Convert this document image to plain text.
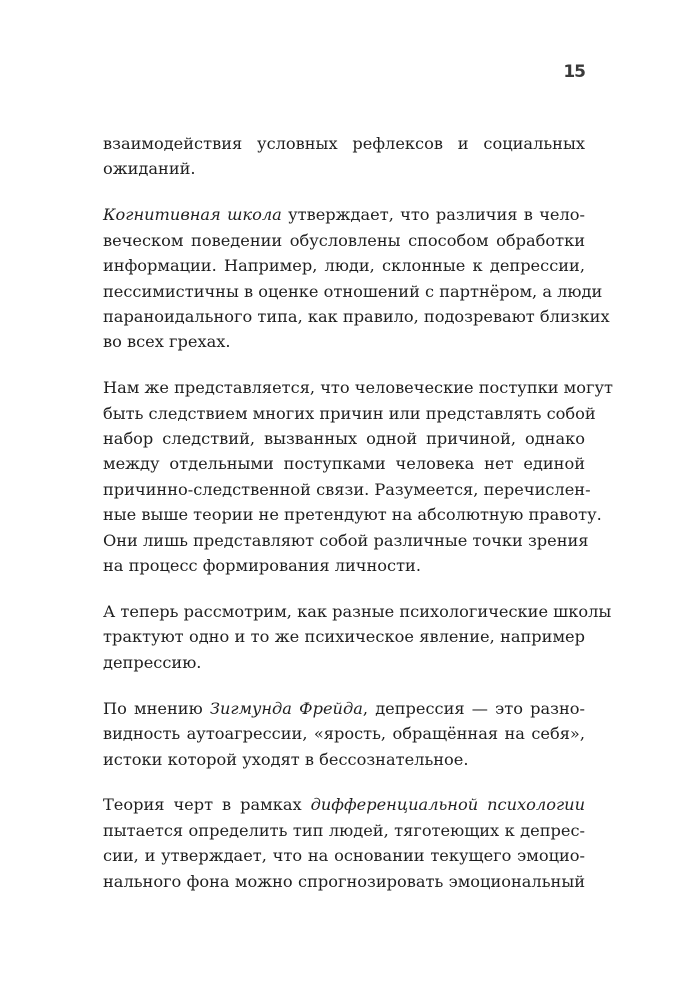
15

взаимодействия условных рефлексов и социальных
ожиданий.

Когнитивная школа утверждает, что различия в чело-
веческом поведении обусловлены способом обработки
информации. Например, люди, склонные к депрессии,
пессимистичны в оценке отношений с партнёром, а люди
параноидального типа, как правило, подозревают близких
во всех грехах.

Нам же представляется, что человеческие поступки могут
быть следствием многих причин или представлять собой
набор следствий, вызванных одной причиной, однако
между отдельными поступками человека нет единой
причинно-следственной связи. Разумеется, перечислен-
ные выше теории не претендуют на абсолютную правоту.
Они лишь представляют собой различные точки зрения
на процесс формирования личности.

А теперь рассмотрим, как разные психологические школы
трактуют одно и то же психическое явление, например
депрессию.

По мнению Зигмунда Фрейда, депрессия — это разно-
видность аутоагрессии, «ярость, обращённая на себя»,
истоки которой уходят в бессознательное.

Теория черт в рамках дифференциальной психологии
пытается определить тип людей, тяготеющих к депрес-
сии, и утверждает, что на основании текущего эмоцио-
нального фона можно спрогнозировать эмоциональный
